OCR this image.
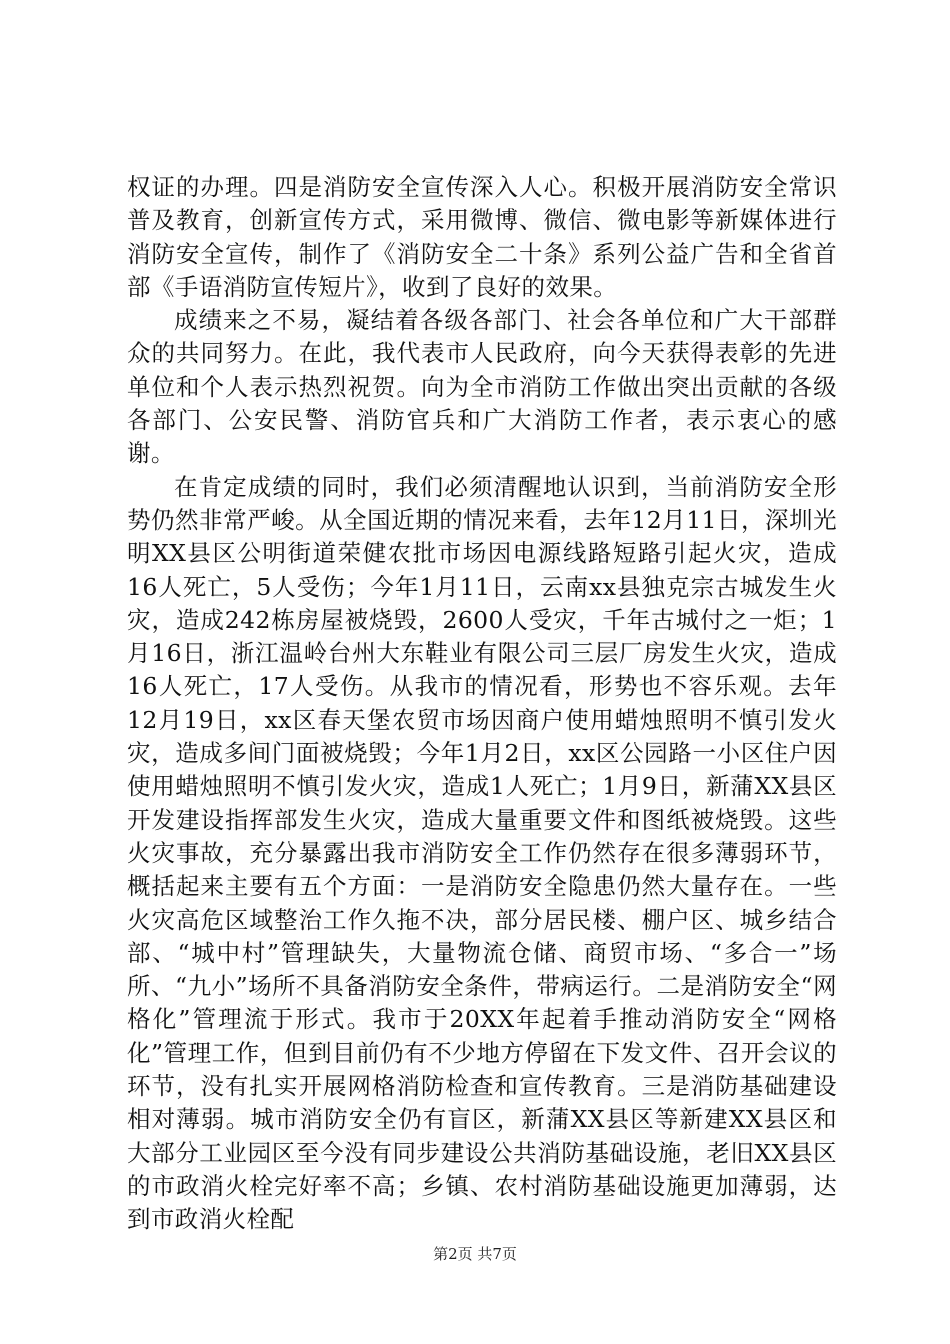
权证的办理。四是消防安全宣传深入人心。积极开展消防安全常识普及教育，创新宣传方式，采用微博、微信、微电影等新媒体进行消防安全宣传，制作了《消防安全二十条》系列公益广告和全省首部《手语消防宣传短片》，收到了良好的效果。

成绩来之不易，凝结着各级各部门、社会各单位和广大干部群众的共同努力。在此，我代表市人民政府，向今天获得表彰的先进单位和个人表示热烈祝贺。向为全市消防工作做出突出贡献的各级各部门、公安民警、消防官兵和广大消防工作者，表示衷心的感谢。

在肯定成绩的同时，我们必须清醒地认识到，当前消防安全形势仍然非常严峻。从全国近期的情况来看，去年12月11日，深圳光明XX县区公明街道荣健农批市场因电源线路短路引起火灾，造成16人死亡，5人受伤；今年1月11日，云南xx县独克宗古城发生火灾，造成242栋房屋被烧毁，2600人受灾，千年古城付之一炬；1月16日，浙江温岭台州大东鞋业有限公司三层厂房发生火灾，造成16人死亡，17人受伤。从我市的情况看，形势也不容乐观。去年12月19日，xx区春天堡农贸市场因商户使用蜡烛照明不慎引发火灾，造成多间门面被烧毁；今年1月2日，xx区公园路一小区住户因使用蜡烛照明不慎引发火灾，造成1人死亡；1月9日，新蒲XX县区开发建设指挥部发生火灾，造成大量重要文件和图纸被烧毁。这些火灾事故，充分暴露出我市消防安全工作仍然存在很多薄弱环节，概括起来主要有五个方面：一是消防安全隐患仍然大量存在。一些火灾高危区域整治工作久拖不决，部分居民楼、棚户区、城乡结合部、“城中村”管理缺失，大量物流仓储、商贸市场、“多合一”场所、“九小”场所不具备消防安全条件，带病运行。二是消防安全“网格化”管理流于形式。我市于20XX年起着手推动消防安全“网格化”管理工作，但到目前仍有不少地方停留在下发文件、召开会议的环节，没有扎实开展网格消防检查和宣传教育。三是消防基础建设相对薄弱。城市消防安全仍有盲区，新蒲XX县区等新建XX县区和大部分工业园区至今没有同步建设公共消防基础设施，老旧XX县区的市政消火栓完好率不高；乡镇、农村消防基础设施更加薄弱，达到市政消火栓配

第2页 共7页
